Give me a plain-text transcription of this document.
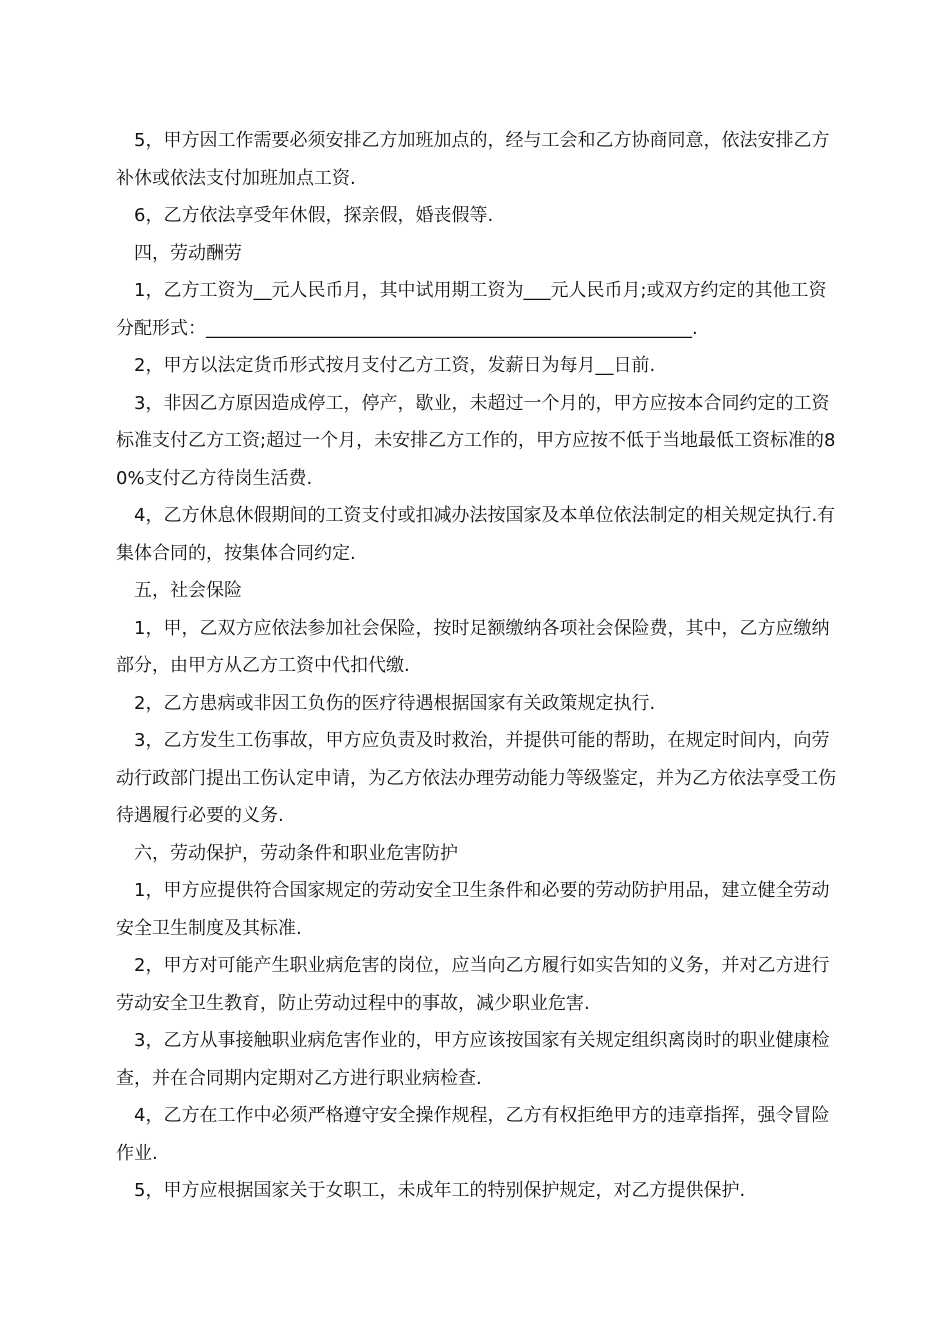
5，甲方因工作需要必须安排乙方加班加点的，经与工会和乙方协商同意，依法安排乙方补休或依法支付加班加点工资.

6，乙方依法享受年休假，探亲假，婚丧假等.

四，劳动酬劳

1，乙方工资为__元人民币月，其中试用期工资为___元人民币月;或双方约定的其他工资分配形式：______________________________________________________.

2，甲方以法定货币形式按月支付乙方工资，发薪日为每月__日前.

3，非因乙方原因造成停工，停产，歇业，未超过一个月的，甲方应按本合同约定的工资标准支付乙方工资;超过一个月，未安排乙方工作的，甲方应按不低于当地最低工资标准的80%支付乙方待岗生活费.

4，乙方休息休假期间的工资支付或扣减办法按国家及本单位依法制定的相关规定执行.有集体合同的，按集体合同约定.

五，社会保险

1，甲，乙双方应依法参加社会保险，按时足额缴纳各项社会保险费，其中，乙方应缴纳部分，由甲方从乙方工资中代扣代缴.

2，乙方患病或非因工负伤的医疗待遇根据国家有关政策规定执行.

3，乙方发生工伤事故，甲方应负责及时救治，并提供可能的帮助，在规定时间内，向劳动行政部门提出工伤认定申请，为乙方依法办理劳动能力等级鉴定，并为乙方依法享受工伤待遇履行必要的义务.

六，劳动保护，劳动条件和职业危害防护

1，甲方应提供符合国家规定的劳动安全卫生条件和必要的劳动防护用品，建立健全劳动安全卫生制度及其标准.

2，甲方对可能产生职业病危害的岗位，应当向乙方履行如实告知的义务，并对乙方进行劳动安全卫生教育，防止劳动过程中的事故，减少职业危害.

3，乙方从事接触职业病危害作业的，甲方应该按国家有关规定组织离岗时的职业健康检查，并在合同期内定期对乙方进行职业病检查.

4，乙方在工作中必须严格遵守安全操作规程，乙方有权拒绝甲方的违章指挥，强令冒险作业.

5，甲方应根据国家关于女职工，未成年工的特别保护规定，对乙方提供保护.
